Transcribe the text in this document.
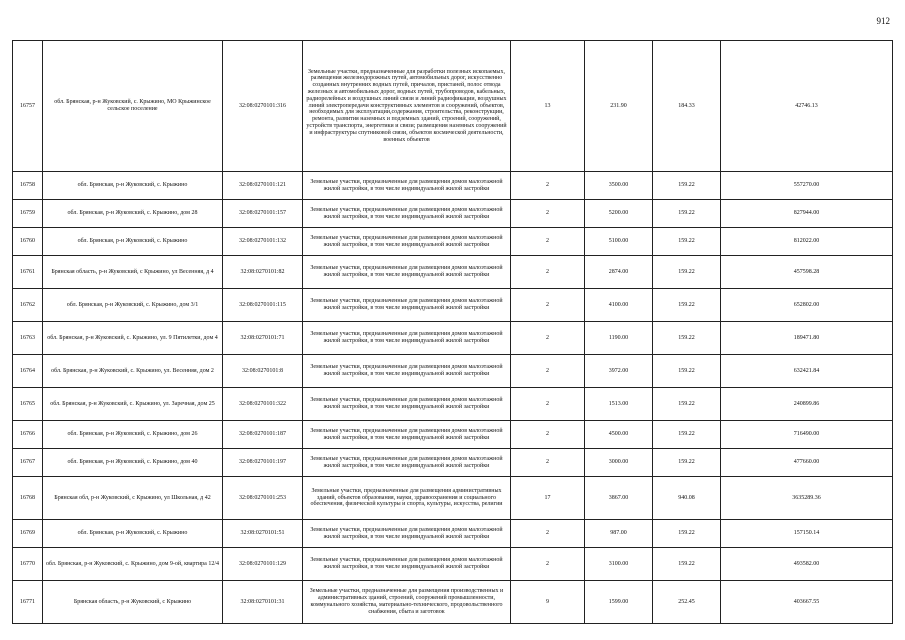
912
16757	обл. Брянская, р-н Жуковский, с. Крыжино, МО Крыжинское сельское поселение	32:08:0270101:316	Земельные участки, предназначенные для разработки полезных ископаемых, размещения железнодорожных путей, автомобильных дорог, искусственно созданных внутренних водных путей, причалов, пристаней, полос отвода железных и автомобильных дорог, водных путей, трубопроводов, кабельных, радиорелейных и воздушных линий связи и линий радиофикации, воздушных линий электропередачи конструктивных элементов и сооружений, объектов, необходимых для эксплуатации,содержания, строительства, реконструкции, ремонта, развития наземных и подземных зданий, строений, сооружений, устройств транспорта, энергетики и связи; размещения наземных сооружений и инфраструктуры спутниковой связи, объектов космической деятельности, военных объектов	13	231.90	184.33	42746.13
16758	обл. Брянская, р-н Жуковский, с. Крыжино	32:08:0270101:121	Земельные участки, предназначенные для размещения домов малоэтажной жилой застройки, в том числе индивидуальной жилой застройки	2	3500.00	159.22	557270.00
16759	обл. Брянская, р-н Жуковский, с. Крыжино, дом 28	32:08:0270101:157	Земельные участки, предназначенные для размещения домов малоэтажной жилой застройки, в том числе индивидуальной жилой застройки	2	5200.00	159.22	827944.00
16760	обл. Брянская, р-н Жуковский, с. Крыжино	32:08:0270101:132	Земельные участки, предназначенные для размещения домов малоэтажной жилой застройки, в том числе индивидуальной жилой застройки	2	5100.00	159.22	812022.00
16761	Брянская область, р-н Жуковский, с Крыжино, ул Весенняя, д 4	32:08:0270101:82	Земельные участки, предназначенные для размещения домов малоэтажной жилой застройки, в том числе индивидуальной жилой застройки	2	2874.00	159.22	457598.28
16762	обл. Брянская, р-н Жуковский, с. Крыжино, дом 3/1	32:08:0270101:115	Земельные участки, предназначенные для размещения домов малоэтажной жилой застройки, в том числе индивидуальной жилой застройки	2	4100.00	159.22	652802.00
16763	обл. Брянская, р-н Жуковский, с. Крыжино, ул. 9 Пятилетки, дом 4	32:08:0270101:71	Земельные участки, предназначенные для размещения домов малоэтажной жилой застройки, в том числе индивидуальной жилой застройки	2	1190.00	159.22	189471.80
16764	обл. Брянская, р-н Жуковский, с. Крыжино, ул. Весенняя, дом 2	32:08:0270101:8	Земельные участки, предназначенные для размещения домов малоэтажной жилой застройки, в том числе индивидуальной жилой застройки	2	3972.00	159.22	632421.84
16765	обл. Брянская, р-н Жуковский, с. Крыжино, ул. Заречная, дом 25	32:08:0270101:322	Земельные участки, предназначенные для размещения домов малоэтажной жилой застройки, в том числе индивидуальной жилой застройки	2	1513.00	159.22	240899.86
16766	обл. Брянская, р-н Жуковский, с. Крыжино, дом 26	32:08:0270101:187	Земельные участки, предназначенные для размещения домов малоэтажной жилой застройки, в том числе индивидуальной жилой застройки	2	4500.00	159.22	716490.00
16767	обл. Брянская, р-н Жуковский, с. Крыжино, дом 40	32:08:0270101:197	Земельные участки, предназначенные для размещения домов малоэтажной жилой застройки, в том числе индивидуальной жилой застройки	2	3000.00	159.22	477660.00
16768	Брянская обл, р-н Жуковский, с Крыжино, ул Школьная, д 42	32:08:0270101:253	Земельные участки, предназначенные для размещения административных зданий, объектов образования, науки, здравоохранения и социального обеспечения, физической культуры и спорта, культуры, искусства, религии	17	3867.00	940.08	3635289.36
16769	обл. Брянская, р-н Жуковский, с. Крыжино	32:08:0270101:51	Земельные участки, предназначенные для размещения домов малоэтажной жилой застройки, в том числе индивидуальной жилой застройки	2	987.00	159.22	157150.14
16770	обл. Брянская, р-н Жуковский, с. Крыжино, дом 9-ой, квартира 12/4	32:08:0270101:129	Земельные участки, предназначенные для размещения домов малоэтажной жилой застройки, в том числе индивидуальной жилой застройки	2	3100.00	159.22	493582.00
16771	Брянская область, р-н Жуковский, с Крыжино	32:08:0270101:31	Земельные участки, предназначенные для размещения производственных и административных зданий, строений, сооружений промышленности, коммунального хозяйства, материально-технического, продовольственного снабжения, сбыта и заготовок	9	1599.00	252.45	403667.55
